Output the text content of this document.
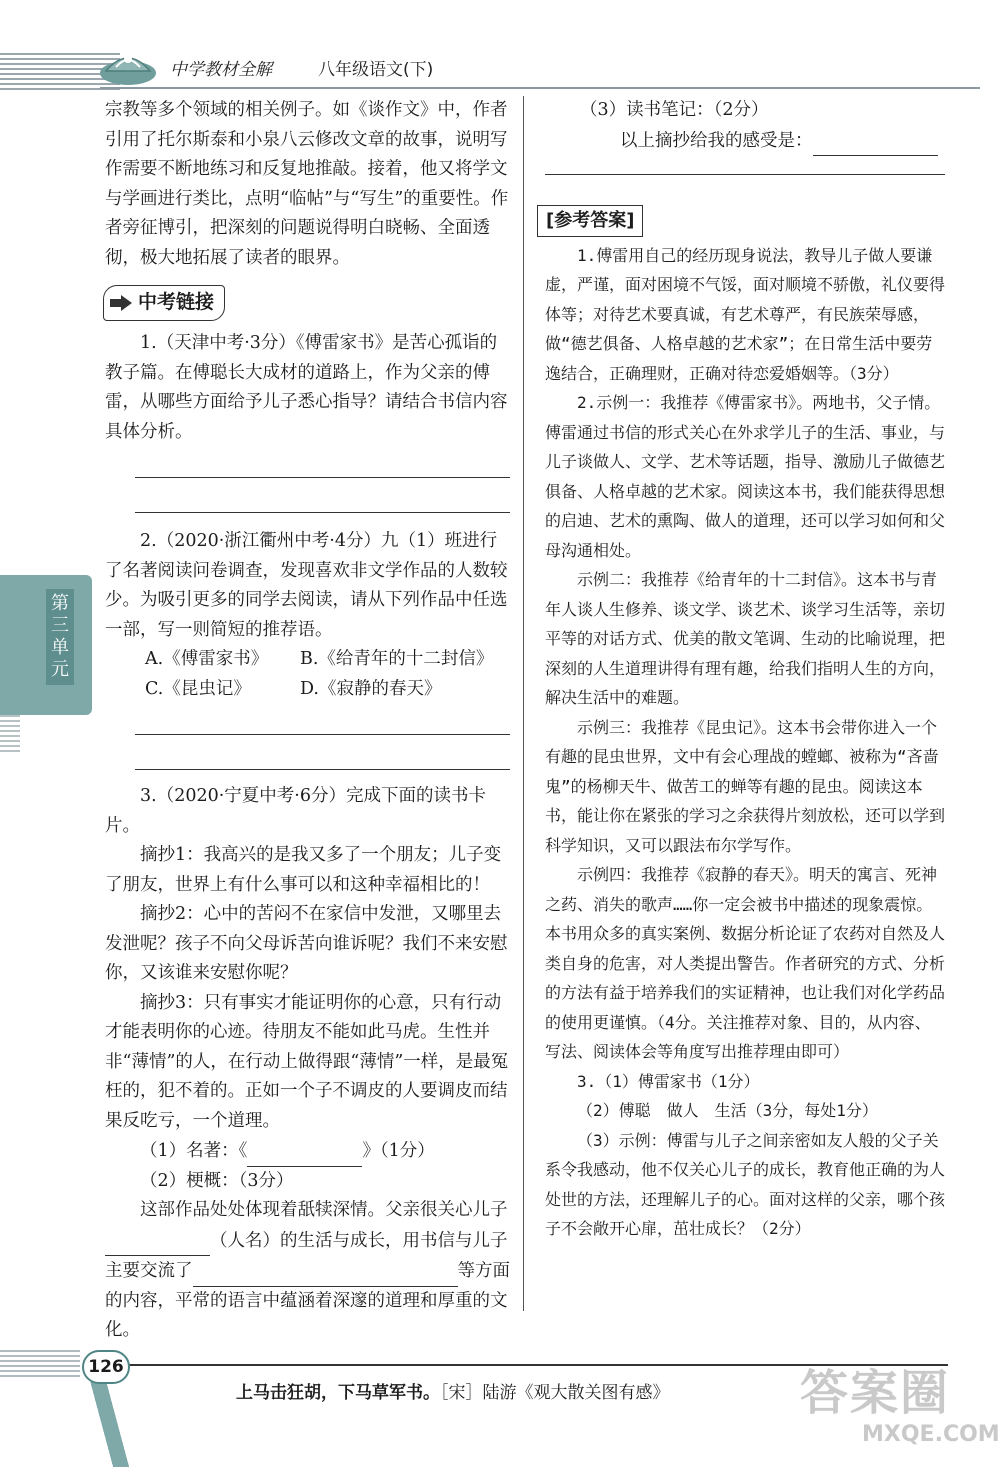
中学教材全解	八年级语文(下)

宗教等多个领域的相关例子。如《谈作文》中，作者引用了托尔斯泰和小泉八云修改文章的故事，说明写作需要不断地练习和反复地推敲。接着，他又将学文与学画进行类比，点明“临帖”与“写生”的重要性。作者旁征博引，把深刻的问题说得明白晓畅、全面透彻，极大地拓展了读者的眼界。

中考链接

1.（天津中考·3分）《傅雷家书》是苦心孤诣的教子篇。在傅聪长大成材的道路上，作为父亲的傅雷，从哪些方面给予儿子悉心指导？请结合书信内容具体分析。

2.（2020·浙江衢州中考·4分）九（1）班进行了名著阅读问卷调查，发现喜欢非文学作品的人数较少。为吸引更多的同学去阅读，请从下列作品中任选一部，写一则简短的推荐语。

A.《傅雷家书》	B.《给青年的十二封信》
C.《昆虫记》	D.《寂静的春天》

3.（2020·宁夏中考·6分）完成下面的读书卡片。

摘抄1：我高兴的是我又多了一个朋友；儿子变了朋友，世界上有什么事可以和这种幸福相比的！

摘抄2：心中的苦闷不在家信中发泄，又哪里去发泄呢？孩子不向父母诉苦向谁诉呢？我们不来安慰你，又该谁来安慰你呢？

摘抄3：只有事实才能证明你的心意，只有行动才能表明你的心迹。待朋友不能如此马虎。生性并非“薄情”的人，在行动上做得跟“薄情”一样，是最冤枉的，犯不着的。正如一个子不调皮的人要调皮而结果反吃亏，一个道理。

（1）名著：《	》（1分）

（2）梗概：（3分）

这部作品处处体现着舐犊深情。父亲很关心儿子 （人名）的生活与成长，用书信与儿子主要交流了	等方面的内容，平常的语言中蕴涵着深邃的道理和厚重的文化。

（3）读书笔记：（2分）

以上摘抄给我的感受是：

[参考答案]

1.傅雷用自己的经历现身说法，教导儿子做人要谦虚，严谨，面对困境不气馁，面对顺境不骄傲，礼仪要得体等；对待艺术要真诚，有艺术尊严，有民族荣辱感，做“德艺俱备、人格卓越的艺术家”；在日常生活中要劳逸结合，正确理财，正确对待恋爱婚姻等。（3分）

2.示例一：我推荐《傅雷家书》。两地书，父子情。傅雷通过书信的形式关心在外求学儿子的生活、事业，与儿子谈做人、文学、艺术等话题，指导、激励儿子做德艺俱备、人格卓越的艺术家。阅读这本书，我们能获得思想的启迪、艺术的熏陶、做人的道理，还可以学习如何和父母沟通相处。

示例二：我推荐《给青年的十二封信》。这本书与青年人谈人生修养、谈文学、谈艺术、谈学习生活等，亲切平等的对话方式、优美的散文笔调、生动的比喻说理，把深刻的人生道理讲得有理有趣，给我们指明人生的方向，解决生活中的难题。

示例三：我推荐《昆虫记》。这本书会带你进入一个有趣的昆虫世界，文中有会心理战的螳螂、被称为“吝啬鬼”的杨柳天牛、做苦工的蝉等有趣的昆虫。阅读这本书，能让你在紧张的学习之余获得片刻放松，还可以学到科学知识，又可以跟法布尔学写作。

示例四：我推荐《寂静的春天》。明天的寓言、死神之药、消失的歌声……你一定会被书中描述的现象震惊。本书用众多的真实案例、数据分析论证了农药对自然及人类自身的危害，对人类提出警告。作者研究的方式、分析的方法有益于培养我们的实证精神，也让我们对化学药品的使用更谨慎。（4分。关注推荐对象、目的，从内容、写法、阅读体会等角度写出推荐理由即可）

3.（1）傅雷家书（1分）

（2）傅聪　做人　生活（3分，每处1分）

（3）示例：傅雷与儿子之间亲密如友人般的父子关系令我感动，他不仅关心儿子的成长，教育他正确的为人处世的方法，还理解儿子的心。面对这样的父亲，哪个孩子不会敞开心扉，茁壮成长？（2分）

第三单元
126
上马击狂胡，下马草军书。［宋］陆游《观大散关图有感》	答案圈
MXQE.COM
